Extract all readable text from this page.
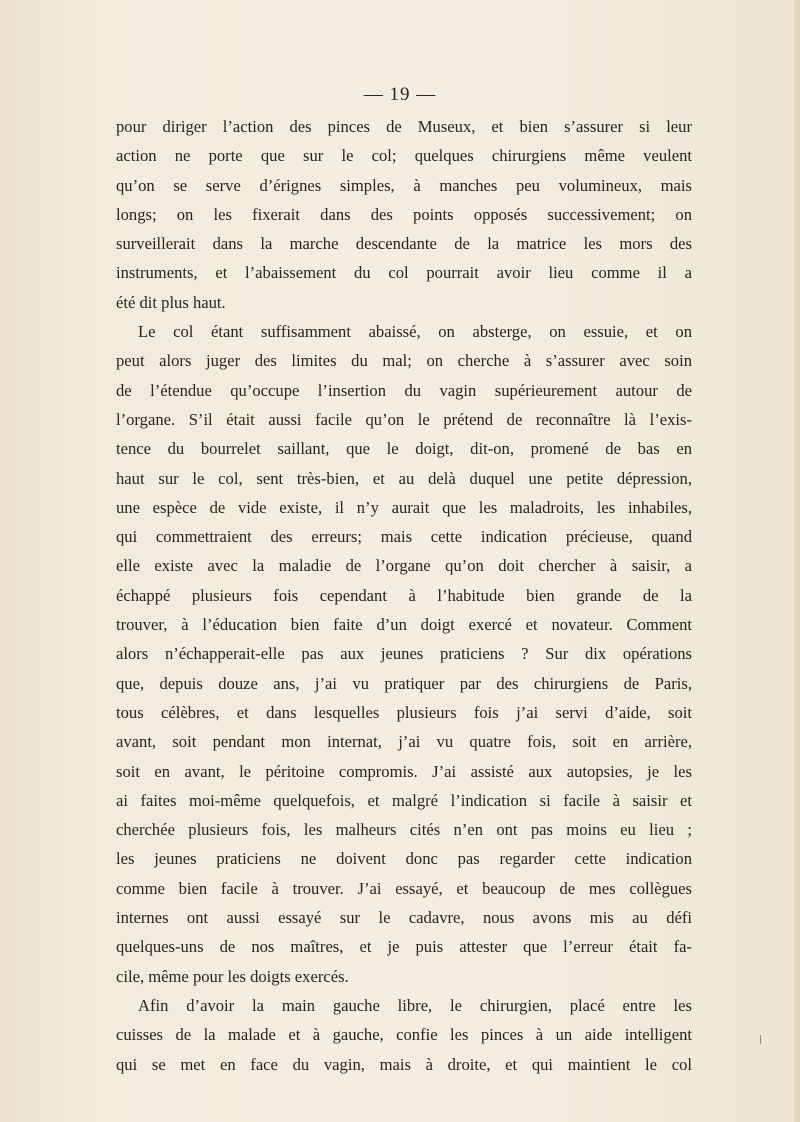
— 19 —
pour diriger l’action des pinces de Museux, et bien s’assurer si leur
action ne porte que sur le col; quelques chirurgiens même veulent
qu’on se serve d’érignes simples, à manches peu volumineux, mais
longs; on les fixerait dans des points opposés successivement; on
surveillerait dans la marche descendante de la matrice les mors des
instruments, et l’abaissement du col pourrait avoir lieu comme il a
été dit plus haut.
Le col étant suffisamment abaissé, on absterge, on essuie, et on
peut alors juger des limites du mal; on cherche à s’assurer avec soin
de l’étendue qu’occupe l’insertion du vagin supérieurement autour de
l’organe. S’il était aussi facile qu’on le prétend de reconnaître là l’exis-
tence du bourrelet saillant, que le doigt, dit-on, promené de bas en
haut sur le col, sent très-bien, et au delà duquel une petite dépression,
une espèce de vide existe, il n’y aurait que les maladroits, les inhabiles,
qui commettraient des erreurs; mais cette indication précieuse, quand
elle existe avec la maladie de l’organe qu’on doit chercher à saisir, a
échappé plusieurs fois cependant à l’habitude bien grande de la
trouver, à l’éducation bien faite d’un doigt exercé et novateur. Comment
alors n’échapperait-elle pas aux jeunes praticiens ? Sur dix opérations
que, depuis douze ans, j’ai vu pratiquer par des chirurgiens de Paris,
tous célèbres, et dans lesquelles plusieurs fois j’ai servi d’aide, soit
avant, soit pendant mon internat, j’ai vu quatre fois, soit en arrière,
soit en avant, le péritoine compromis. J’ai assisté aux autopsies, je les
ai faites moi-même quelquefois, et malgré l’indication si facile à saisir et
cherchée plusieurs fois, les malheurs cités n’en ont pas moins eu lieu ;
les jeunes praticiens ne doivent donc pas regarder cette indication
comme bien facile à trouver. J’ai essayé, et beaucoup de mes collègues
internes ont aussi essayé sur le cadavre, nous avons mis au défi
quelques-uns de nos maîtres, et je puis attester que l’erreur était fa-
cile, même pour les doigts exercés.
Afin d’avoir la main gauche libre, le chirurgien, placé entre les
cuisses de la malade et à gauche, confie les pinces à un aide intelligent
qui se met en face du vagin, mais à droite, et qui maintient le col
